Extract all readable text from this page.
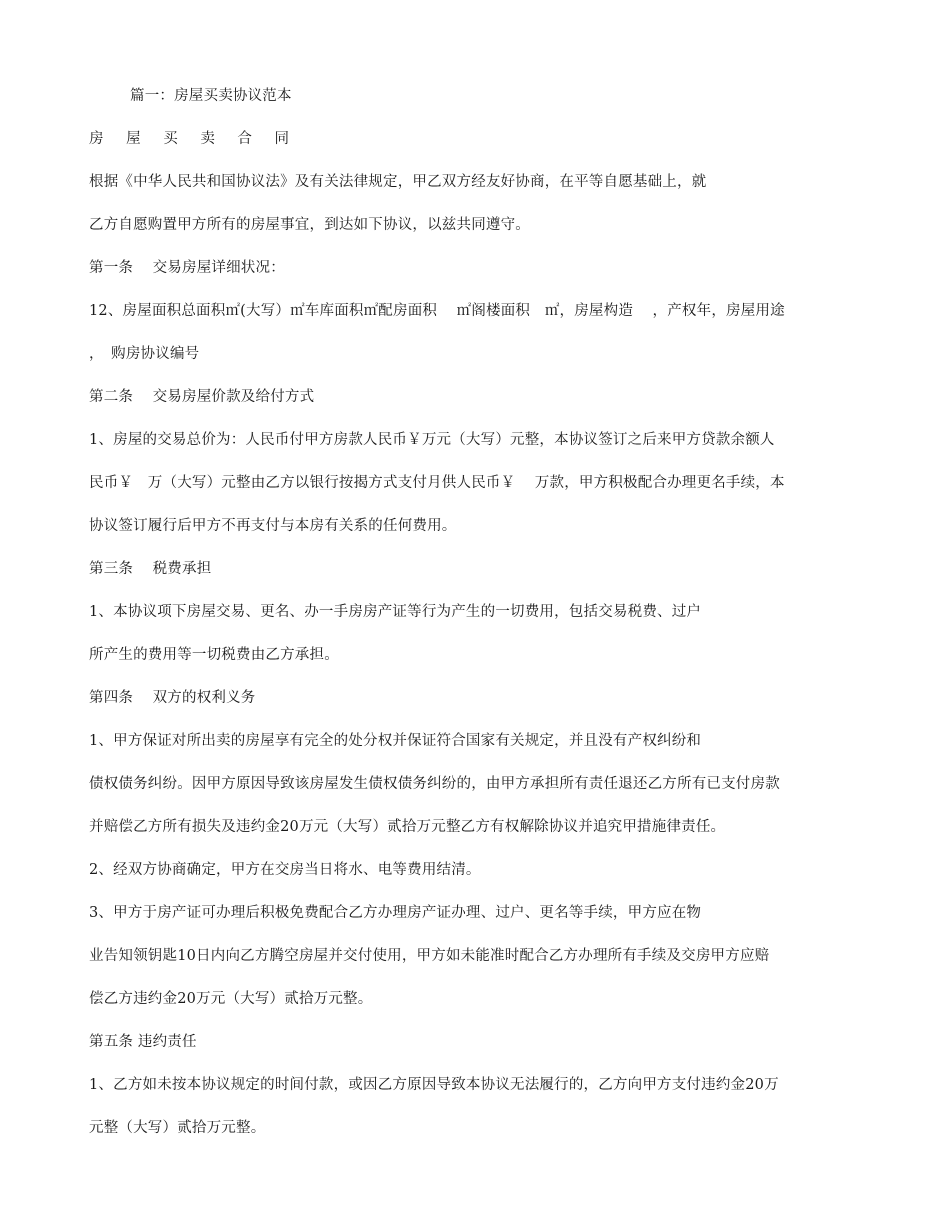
篇一：房屋买卖协议范本
房 屋 买 卖 合 同
根据《中华人民共和国协议法》及有关法律规定，甲乙双方经友好协商，在平等自愿基础上，就
乙方自愿购置甲方所有的房屋事宜，到达如下协议，以兹共同遵守。
第一条　 交易房屋详细状况：
12、房屋面积总面积㎡(大写）㎡车库面积㎡配房面积　 ㎡阁楼面积　㎡，房屋构造　 ，产权年，房屋用途
，　购房协议编号
第二条　 交易房屋价款及给付方式
1、房屋的交易总价为：人民币付甲方房款人民币￥万元（大写）元整，本协议签订之后来甲方贷款余额人
民币￥　万（大写）元整由乙方以银行按揭方式支付月供人民币￥　 万款，甲方积极配合办理更名手续，本
协议签订履行后甲方不再支付与本房有关系的任何费用。
第三条　 税费承担
1、本协议项下房屋交易、更名、办一手房房产证等行为产生的一切费用，包括交易税费、过户
所产生的费用等一切税费由乙方承担。
第四条　 双方的权利义务
1、甲方保证对所出卖的房屋享有完全的处分权并保证符合国家有关规定，并且没有产权纠纷和
债权债务纠纷。因甲方原因导致该房屋发生债权债务纠纷的，由甲方承担所有责任退还乙方所有已支付房款
并赔偿乙方所有损失及违约金20万元（大写）贰拾万元整乙方有权解除协议并追究甲措施律责任。
2、经双方协商确定，甲方在交房当日将水、电等费用结清。
3、甲方于房产证可办理后积极免费配合乙方办理房产证办理、过户、更名等手续，甲方应在物
业告知领钥匙10日内向乙方腾空房屋并交付使用，甲方如未能准时配合乙方办理所有手续及交房甲方应赔
偿乙方违约金20万元（大写）贰拾万元整。
第五条 违约责任
1、乙方如未按本协议规定的时间付款，或因乙方原因导致本协议无法履行的，乙方向甲方支付违约金20万
元整（大写）贰拾万元整。
